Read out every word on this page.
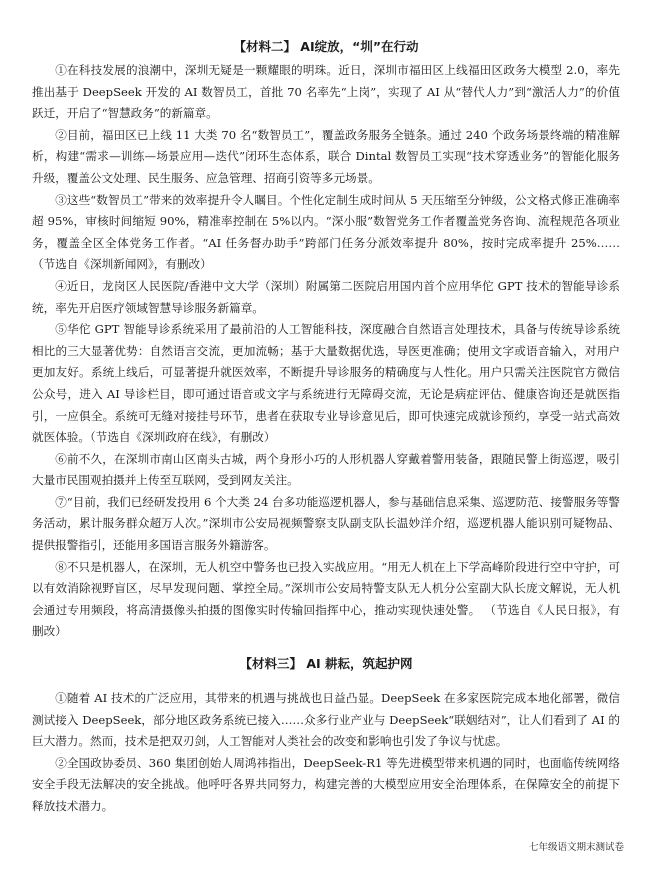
【材料二】 AI绽放，“圳”在行动

①在科技发展的浪潮中，深圳无疑是一颗耀眼的明珠。近日，深圳市福田区上线福田区政务大模型 2.0，率先推出基于 DeepSeek 开发的 AI 数智员工，首批 70 名率先“上岗”，实现了 AI 从“替代人力”到“激活人力”的价值跃迁，开启了“智慧政务”的新篇章。

②目前，福田区已上线 11 大类 70 名“数智员工”，覆盖政务服务全链条。通过 240 个政务场景终端的精准解析，构建“需求—训练—场景应用—迭代”闭环生态体系，联合 Dintal 数智员工实现“技术穿透业务”的智能化服务升级，覆盖公文处理、民生服务、应急管理、招商引资等多元场景。

③这些“数智员工”带来的效率提升令人瞩目。个性化定制生成时间从 5 天压缩至分钟级，公文格式修正准确率超 95%，审核时间缩短 90%，精准率控制在 5%以内。“深小服”数智党务工作者覆盖党务咨询、流程规范各项业务，覆盖全区全体党务工作者。“AI 任务督办助手”跨部门任务分派效率提升 80%，按时完成率提升 25%…… （节选自《深圳新闻网》，有删改）

④近日，龙岗区人民医院/香港中文大学（深圳）附属第二医院启用国内首个应用华佗 GPT 技术的智能导诊系统，率先开启医疗领域智慧导诊服务新篇章。

⑤华佗 GPT 智能导诊系统采用了最前沿的人工智能科技，深度融合自然语言处理技术，具备与传统导诊系统相比的三大显著优势：自然语言交流，更加流畅；基于大量数据优选，导医更准确；使用文字或语音输入，对用户更加友好。系统上线后，可显著提升就医效率，不断提升导诊服务的精确度与人性化。用户只需关注医院官方微信公众号，进入 AI 导诊栏目，即可通过语音或文字与系统进行无障碍交流，无论是病症评估、健康咨询还是就医指引，一应俱全。系统可无缝对接挂号环节，患者在获取专业导诊意见后，即可快速完成就诊预约，享受一站式高效就医体验。（节选自《深圳政府在线》，有删改）

⑥前不久，在深圳市南山区南头古城，两个身形小巧的人形机器人穿戴着警用装备，跟随民警上街巡逻，吸引大量市民围观拍摄并上传至互联网，受到网友关注。

⑦“目前，我们已经研发投用 6 个大类 24 台多功能巡逻机器人，参与基础信息采集、巡逻防范、接警服务等警务活动，累计服务群众超万人次。”深圳市公安局视频警察支队副支队长温妙洋介绍，巡逻机器人能识别可疑物品、提供报警指引，还能用多国语言服务外籍游客。

⑧不只是机器人，在深圳，无人机空中警务也已投入实战应用。“用无人机在上下学高峰阶段进行空中守护，可以有效消除视野盲区，尽早发现问题、掌控全局。”深圳市公安局特警支队无人机分公室副大队长庞文解说，无人机会通过专用频段，将高清摄像头拍摄的图像实时传输回指挥中心，推动实现快速处警。 （节选自《人民日报》，有删改）

【材料三】 AI 耕耘，筑起护网

①随着 AI 技术的广泛应用，其带来的机遇与挑战也日益凸显。DeepSeek 在多家医院完成本地化部署，微信测试接入 DeepSeek，部分地区政务系统已接入……众多行业产业与 DeepSeek“联姻结对”，让人们看到了 AI 的巨大潜力。然而，技术是把双刃剑，人工智能对人类社会的改变和影响也引发了争议与忧虑。

②全国政协委员、360 集团创始人周鸿祎指出，DeepSeek-R1 等先进模型带来机遇的同时，也面临传统网络安全手段无法解决的安全挑战。他呼吁各界共同努力，构建完善的大模型应用安全治理体系，在保障安全的前提下释放技术潜力。

七年级语文期末测试卷
